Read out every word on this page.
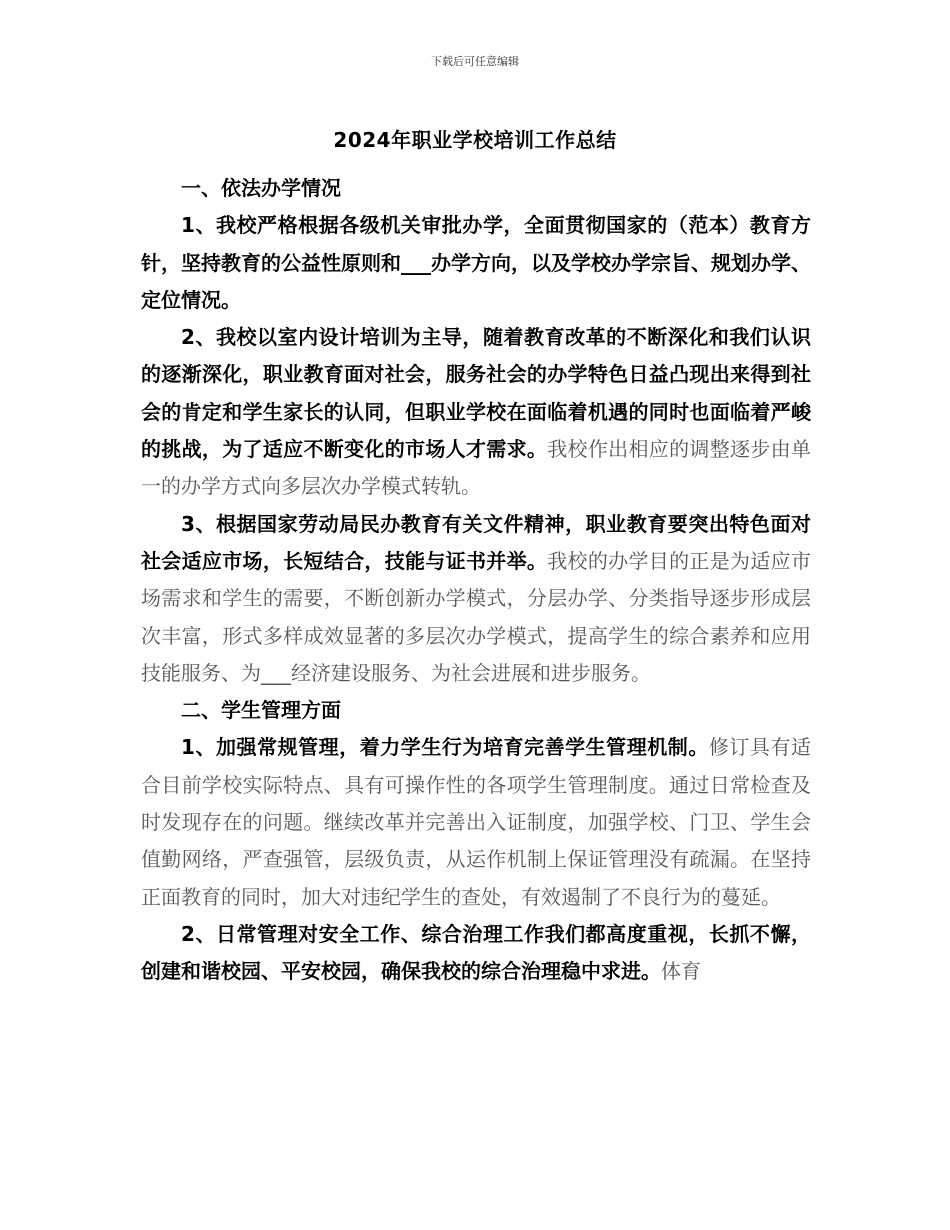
下载后可任意编辑
2024年职业学校培训工作总结

一、依法办学情况

1、我校严格根据各级机关审批办学，全面贯彻国家的（范本）教育方针，坚持教育的公益性原则和___办学方向，以及学校办学宗旨、规划办学、定位情况。

2、我校以室内设计培训为主导，随着教育改革的不断深化和我们认识的逐渐深化，职业教育面对社会，服务社会的办学特色日益凸现出来得到社会的肯定和学生家长的认同，但职业学校在面临着机遇的同时也面临着严峻的挑战，为了适应不断变化的市场人才需求。我校作出相应的调整逐步由单一的办学方式向多层次办学模式转轨。

3、根据国家劳动局民办教育有关文件精神，职业教育要突出特色面对社会适应市场，长短结合，技能与证书并举。我校的办学目的正是为适应市场需求和学生的需要，不断创新办学模式，分层办学、分类指导逐步形成层次丰富，形式多样成效显著的多层次办学模式，提高学生的综合素养和应用技能服务、为___经济建设服务、为社会进展和进步服务。

二、学生管理方面

1、加强常规管理，着力学生行为培育完善学生管理机制。修订具有适合目前学校实际特点、具有可操作性的各项学生管理制度。通过日常检查及时发现存在的问题。继续改革并完善出入证制度，加强学校、门卫、学生会值勤网络，严查强管，层级负责，从运作机制上保证管理没有疏漏。在坚持正面教育的同时，加大对违纪学生的查处，有效遏制了不良行为的蔓延。

2、日常管理对安全工作、综合治理工作我们都高度重视，长抓不懈，创建和谐校园、平安校园，确保我校的综合治理稳中求进。体育
